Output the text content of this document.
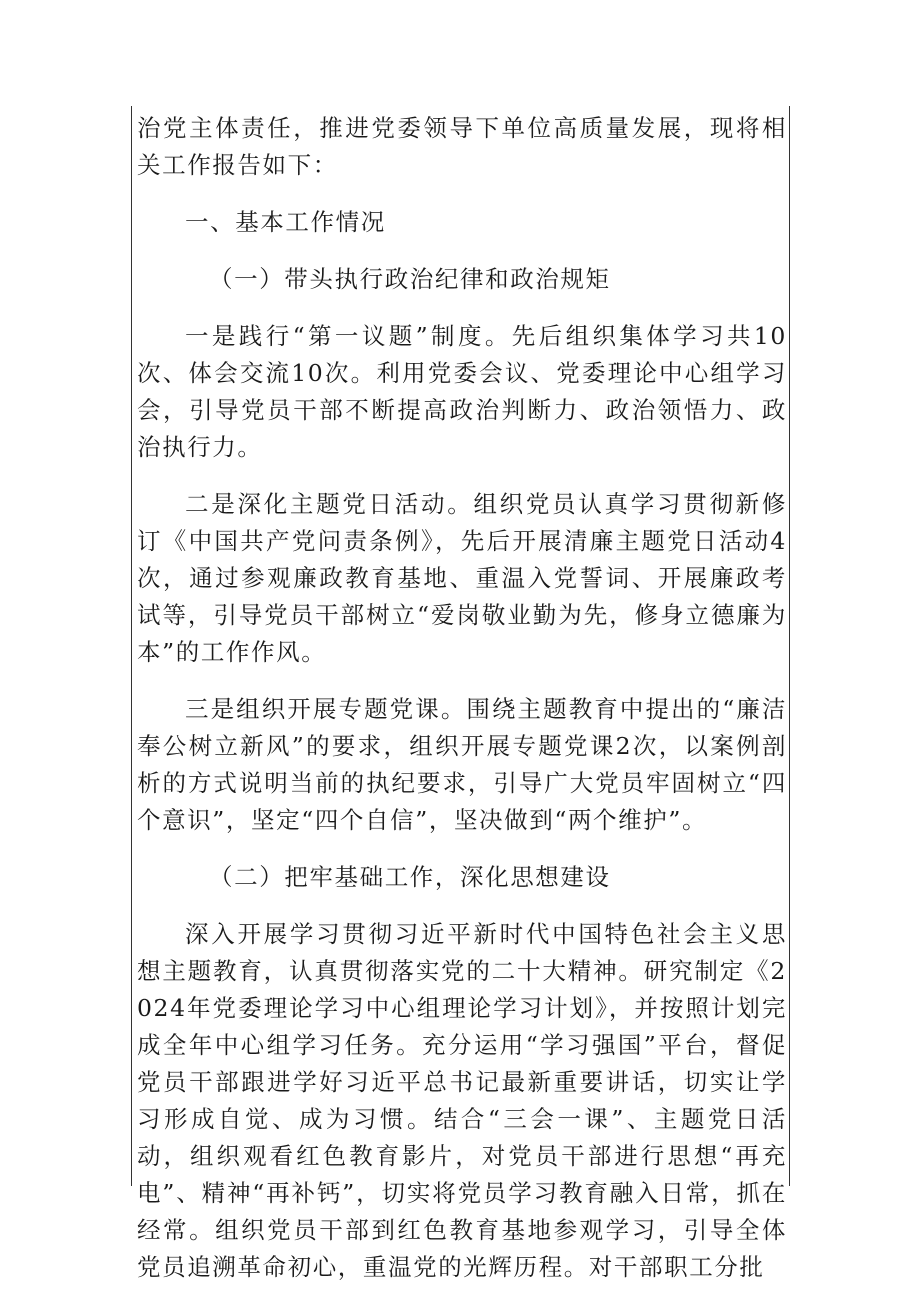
治党主体责任，推进党委领导下单位高质量发展，现将相关工作报告如下：

一、基本工作情况

（一）带头执行政治纪律和政治规矩

一是践行“第一议题”制度。先后组织集体学习共10次、体会交流10次。利用党委会议、党委理论中心组学习会，引导党员干部不断提高政治判断力、政治领悟力、政治执行力。

二是深化主题党日活动。组织党员认真学习贯彻新修订《中国共产党问责条例》，先后开展清廉主题党日活动4次，通过参观廉政教育基地、重温入党誓词、开展廉政考试等，引导党员干部树立“爱岗敬业勤为先，修身立德廉为本”的工作作风。

三是组织开展专题党课。围绕主题教育中提出的“廉洁奉公树立新风”的要求，组织开展专题党课2次，以案例剖析的方式说明当前的执纪要求，引导广大党员牢固树立“四个意识”，坚定“四个自信”，坚决做到“两个维护”。

（二）把牢基础工作，深化思想建设

深入开展学习贯彻习近平新时代中国特色社会主义思想主题教育，认真贯彻落实党的二十大精神。研究制定《2024年党委理论学习中心组理论学习计划》，并按照计划完成全年中心组学习任务。充分运用“学习强国”平台，督促党员干部跟进学好习近平总书记最新重要讲话，切实让学习形成自觉、成为习惯。结合“三会一课”、主题党日活动，组织观看红色教育影片，对党员干部进行思想“再充电”、精神“再补钙”，切实将党员学习教育融入日常，抓在经常。组织党员干部到红色教育基地参观学习，引导全体党员追溯革命初心，重温党的光辉历程。对干部职工分批
